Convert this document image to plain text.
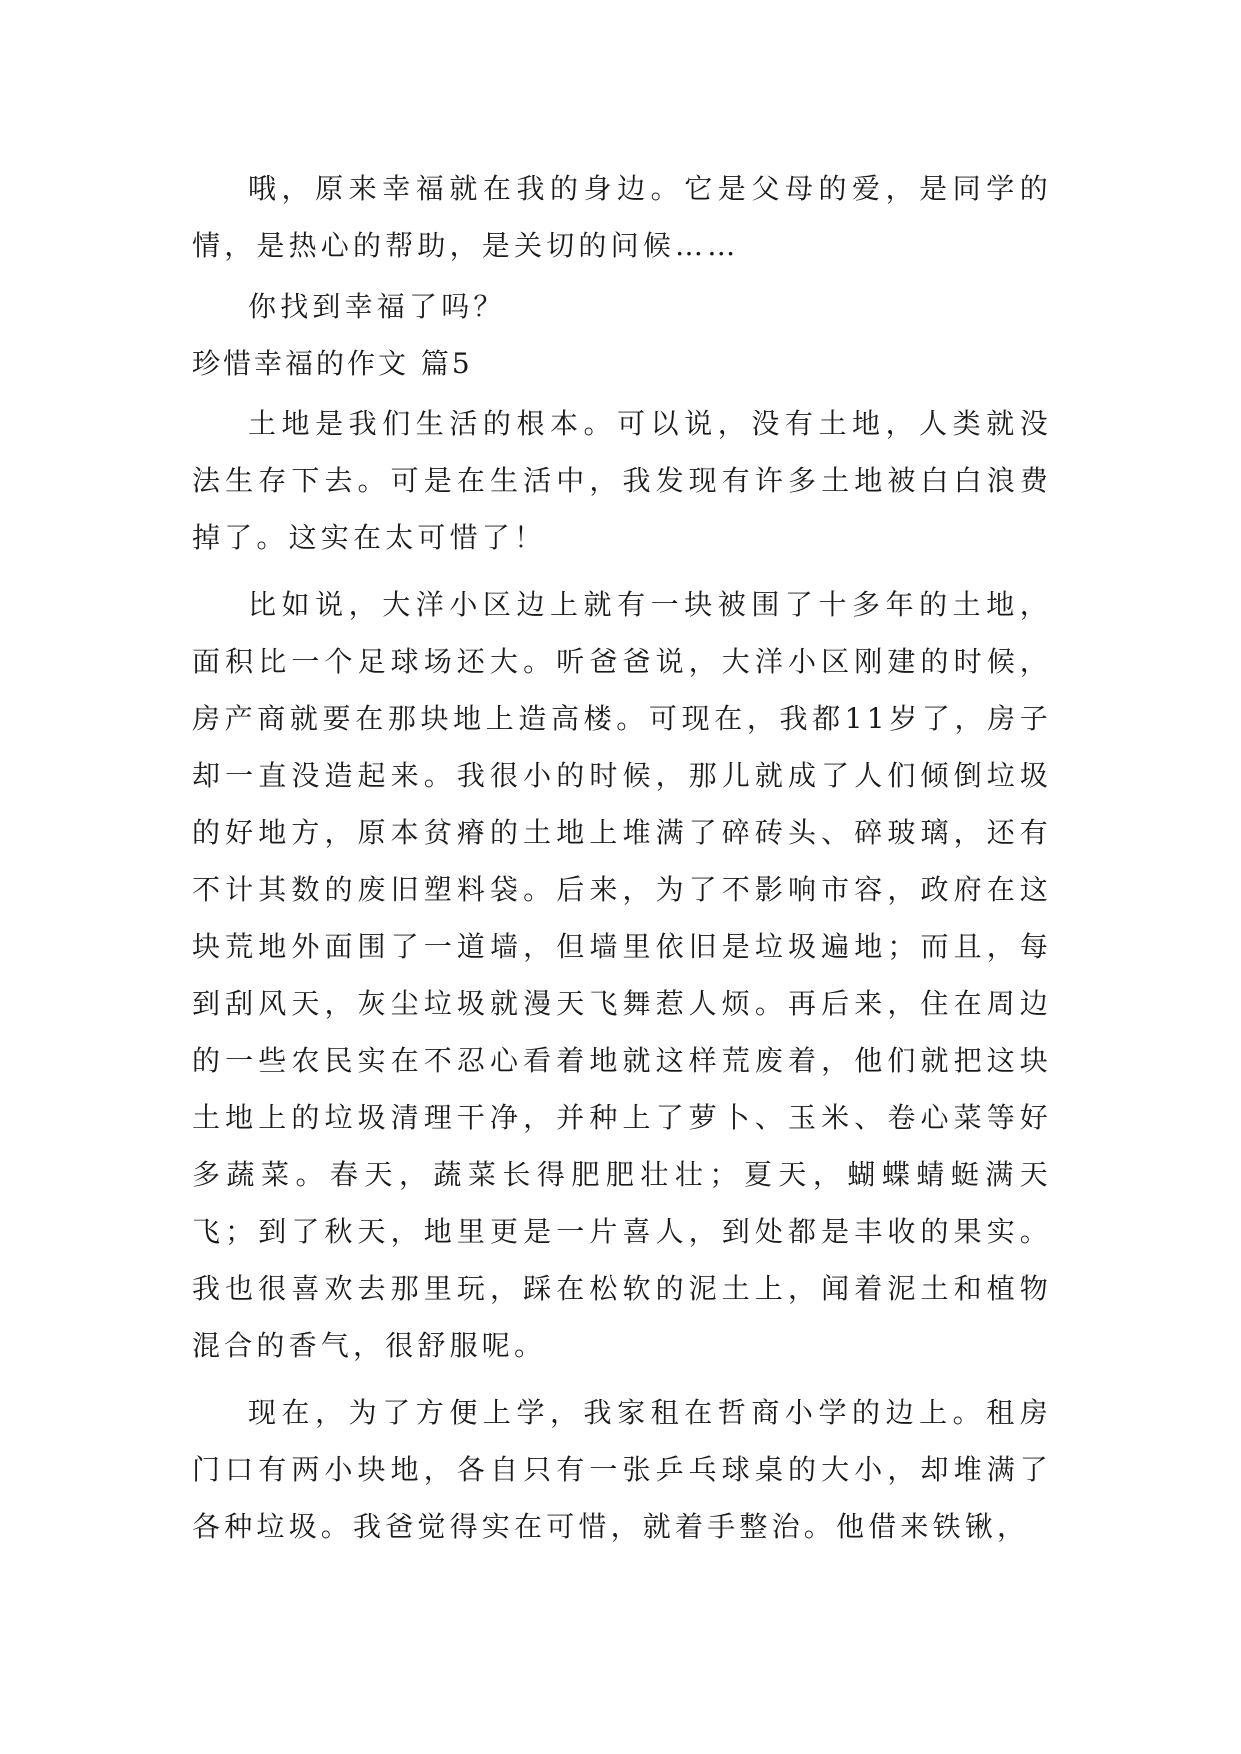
哦，原来幸福就在我的身边。它是父母的爱，是同学的情，是热心的帮助，是关切的问候……

你找到幸福了吗？

珍惜幸福的作文 篇5

土地是我们生活的根本。可以说，没有土地，人类就没法生存下去。可是在生活中，我发现有许多土地被白白浪费掉了。这实在太可惜了！

比如说，大洋小区边上就有一块被围了十多年的土地，面积比一个足球场还大。听爸爸说，大洋小区刚建的时候，房产商就要在那块地上造高楼。可现在，我都11岁了，房子却一直没造起来。我很小的时候，那儿就成了人们倾倒垃圾的好地方，原本贫瘠的土地上堆满了碎砖头、碎玻璃，还有不计其数的废旧塑料袋。后来，为了不影响市容，政府在这块荒地外面围了一道墙，但墙里依旧是垃圾遍地；而且，每到刮风天，灰尘垃圾就漫天飞舞惹人烦。再后来，住在周边的一些农民实在不忍心看着地就这样荒废着，他们就把这块土地上的垃圾清理干净，并种上了萝卜、玉米、卷心菜等好多蔬菜。春天，蔬菜长得肥肥壮壮；夏天，蝴蝶蜻蜓满天飞；到了秋天，地里更是一片喜人，到处都是丰收的果实。我也很喜欢去那里玩，踩在松软的泥土上，闻着泥土和植物混合的香气，很舒服呢。

现在，为了方便上学，我家租在哲商小学的边上。租房门口有两小块地，各自只有一张乒乓球桌的大小，却堆满了各种垃圾。我爸觉得实在可惜，就着手整治。他借来铁锹，
